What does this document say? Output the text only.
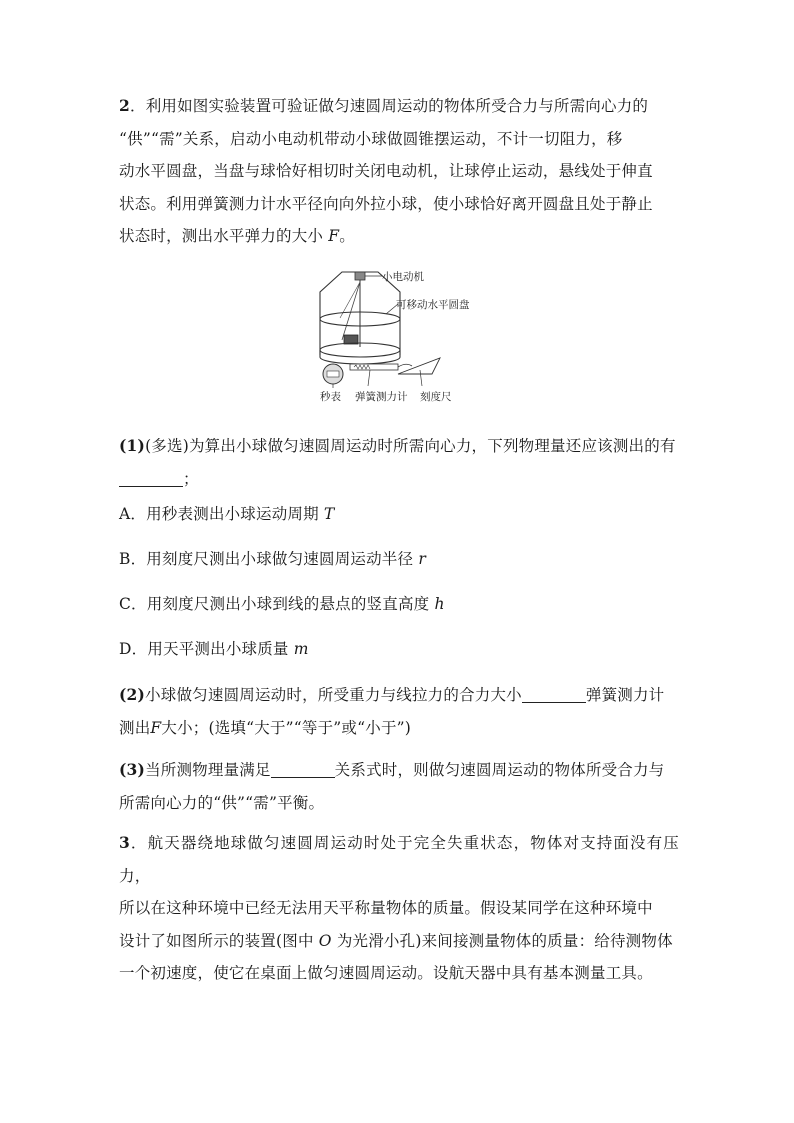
2．利用如图实验装置可验证做匀速圆周运动的物体所受合力与所需向心力的
“供”“需”关系，启动小电动机带动小球做圆锥摆运动，不计一切阻力，移
动水平圆盘，当盘与球恰好相切时关闭电动机，让球停止运动，悬线处于伸直
状态。利用弹簧测力计水平径向向外拉小球，使小球恰好离开圆盘且处于静止
状态时，测出水平弹力的大小 F。

小电动机
可移动水平圆盘
秒表 弹簧测力计 刻度尺

(1)(多选)为算出小球做匀速圆周运动时所需向心力，下列物理量还应该测出的有
；

A．用秒表测出小球运动周期 T

B．用刻度尺测出小球做匀速圆周运动半径 r

C．用刻度尺测出小球到线的悬点的竖直高度 h

D．用天平测出小球质量 m

(2)小球做匀速圆周运动时，所受重力与线拉力的合力大小	弹簧测力计
测出F大小；(选填“大于”“等于”或“小于”)

(3)当所测物理量满足	关系式时，则做匀速圆周运动的物体所受合力与
所需向心力的“供”“需”平衡。

3．航天器绕地球做匀速圆周运动时处于完全失重状态，物体对支持面没有压力，
所以在这种环境中已经无法用天平称量物体的质量。假设某同学在这种环境中
设计了如图所示的装置(图中 O 为光滑小孔)来间接测量物体的质量：给待测物体
一个初速度，使它在桌面上做匀速圆周运动。设航天器中具有基本测量工具。
